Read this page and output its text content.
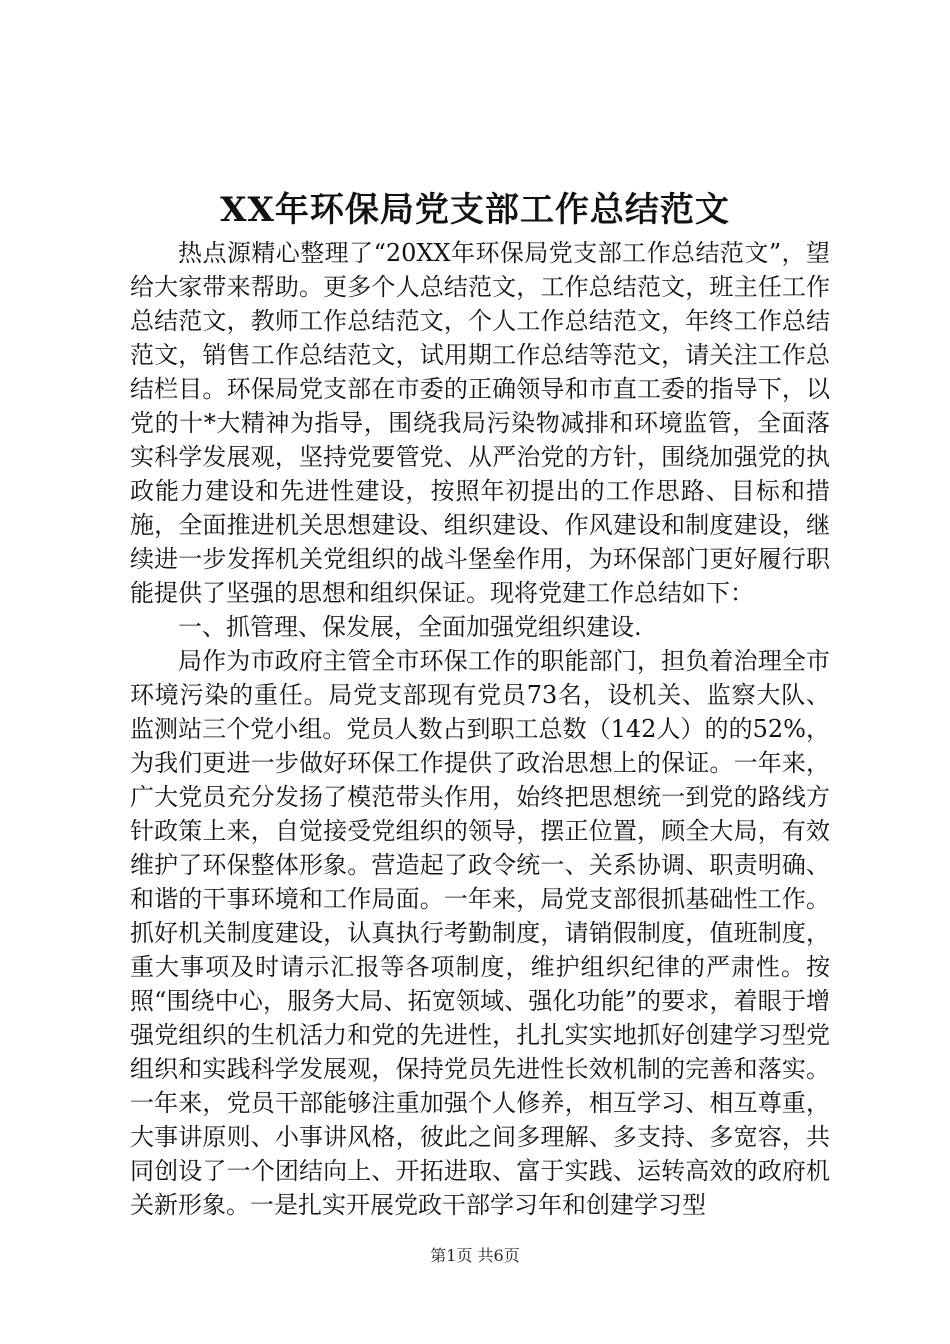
XX年环保局党支部工作总结范文

热点源精心整理了“20XX年环保局党支部工作总结范文”，望给大家带来帮助。更多个人总结范文，工作总结范文，班主任工作总结范文，教师工作总结范文，个人工作总结范文，年终工作总结范文，销售工作总结范文，试用期工作总结等范文，请关注工作总结栏目。环保局党支部在市委的正确领导和市直工委的指导下，以党的十*大精神为指导，围绕我局污染物减排和环境监管，全面落实科学发展观，坚持党要管党、从严治党的方针，围绕加强党的执政能力建设和先进性建设，按照年初提出的工作思路、目标和措施，全面推进机关思想建设、组织建设、作风建设和制度建设，继续进一步发挥机关党组织的战斗堡垒作用，为环保部门更好履行职能提供了坚强的思想和组织保证。现将党建工作总结如下：

一、抓管理、保发展，全面加强党组织建设.

局作为市政府主管全市环保工作的职能部门，担负着治理全市环境污染的重任。局党支部现有党员73名，设机关、监察大队、监测站三个党小组。党员人数占到职工总数（142人）的的52%，为我们更进一步做好环保工作提供了政治思想上的保证。一年来，广大党员充分发扬了模范带头作用，始终把思想统一到党的路线方针政策上来，自觉接受党组织的领导，摆正位置，顾全大局，有效维护了环保整体形象。营造起了政令统一、关系协调、职责明确、和谐的干事环境和工作局面。一年来，局党支部很抓基础性工作。抓好机关制度建设，认真执行考勤制度，请销假制度，值班制度，重大事项及时请示汇报等各项制度，维护组织纪律的严肃性。按照“围绕中心，服务大局、拓宽领域、强化功能”的要求，着眼于增强党组织的生机活力和党的先进性，扎扎实实地抓好创建学习型党组织和实践科学发展观，保持党员先进性长效机制的完善和落实。一年来，党员干部能够注重加强个人修养，相互学习、相互尊重，大事讲原则、小事讲风格，彼此之间多理解、多支持、多宽容，共同创设了一个团结向上、开拓进取、富于实践、运转高效的政府机关新形象。一是扎实开展党政干部学习年和创建学习型

第1页 共6页
